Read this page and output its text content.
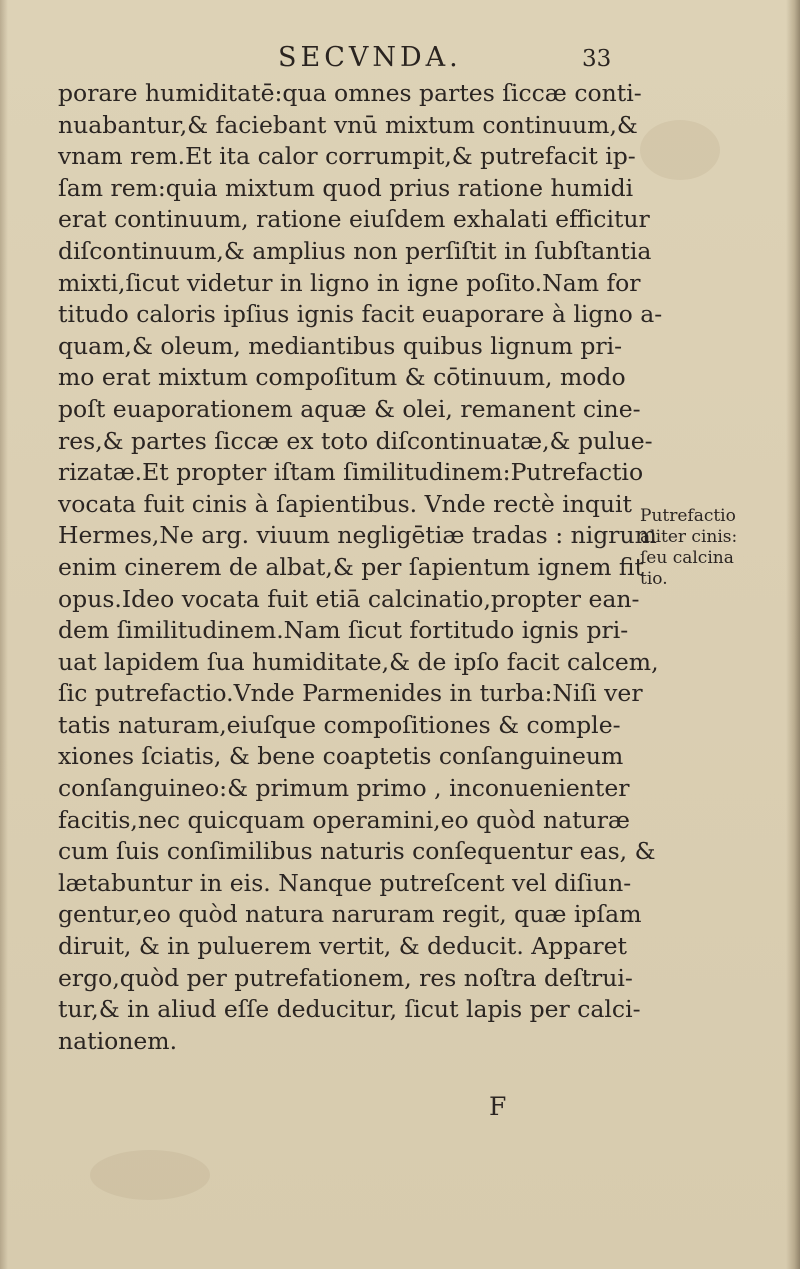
SECVNDA.	33
porare humiditatē:qua omnes partes ſiccæ conti-
nuabantur,& faciebant vnū mixtum continuum,&
vnam rem.Et ita calor corrumpit,& putrefacit ip-
ſam rem:quia mixtum quod prius ratione humidi
erat continuum, ratione eiuſdem exhalati efficitur
diſcontinuum,& amplius non perſiſtit in ſubſtantia
mixti,ſicut videtur in ligno in igne poſito.Nam for
titudo caloris ipſius ignis facit euaporare à ligno a-
quam,& oleum, mediantibus quibus lignum pri-
mo erat mixtum compoſitum & cōtinuum, modo
poſt euaporationem aquæ & olei, remanent cine-
res,& partes ſiccæ ex toto diſcontinuatæ,& pulue-
rizatæ.Et propter iſtam ſimilitudinem:Putrefactio
vocata fuit cinis à ſapientibus. Vnde rectè inquit
Hermes,Ne arg. viuum negligētiæ tradas : nigrum
enim cinerem de albat,& per ſapientum ignem fit
opus.Ideo vocata fuit etiā calcinatio,propter ean-
dem ſimilitudinem.Nam ſicut fortitudo ignis pri-
uat lapidem ſua humiditate,& de ipſo facit calcem,
ſic putrefactio.Vnde Parmenides in turba:Niſi ver
tatis naturam,eiuſque compoſitiones & comple-
xiones ſciatis, & bene coaptetis conſanguineum
conſanguineo:& primum primo , inconuenienter
facitis,nec quicquam operamini,eo quòd naturæ
cum ſuis conſimilibus naturis conſequentur eas, &
lætabuntur in eis. Nanque putreſcent vel diſiun-
gentur,eo quòd natura naruram regit, quæ ipſam
diruit, & in puluerem vertit, & deducit. Apparet
ergo,quòd per putrefationem, res noſtra deſtrui-
tur,& in aliud eſſe deducitur, ſicut lapis per calci-
nationem.
Putrefactio
aliter cinis:
ſeu calcina
tio.
F
